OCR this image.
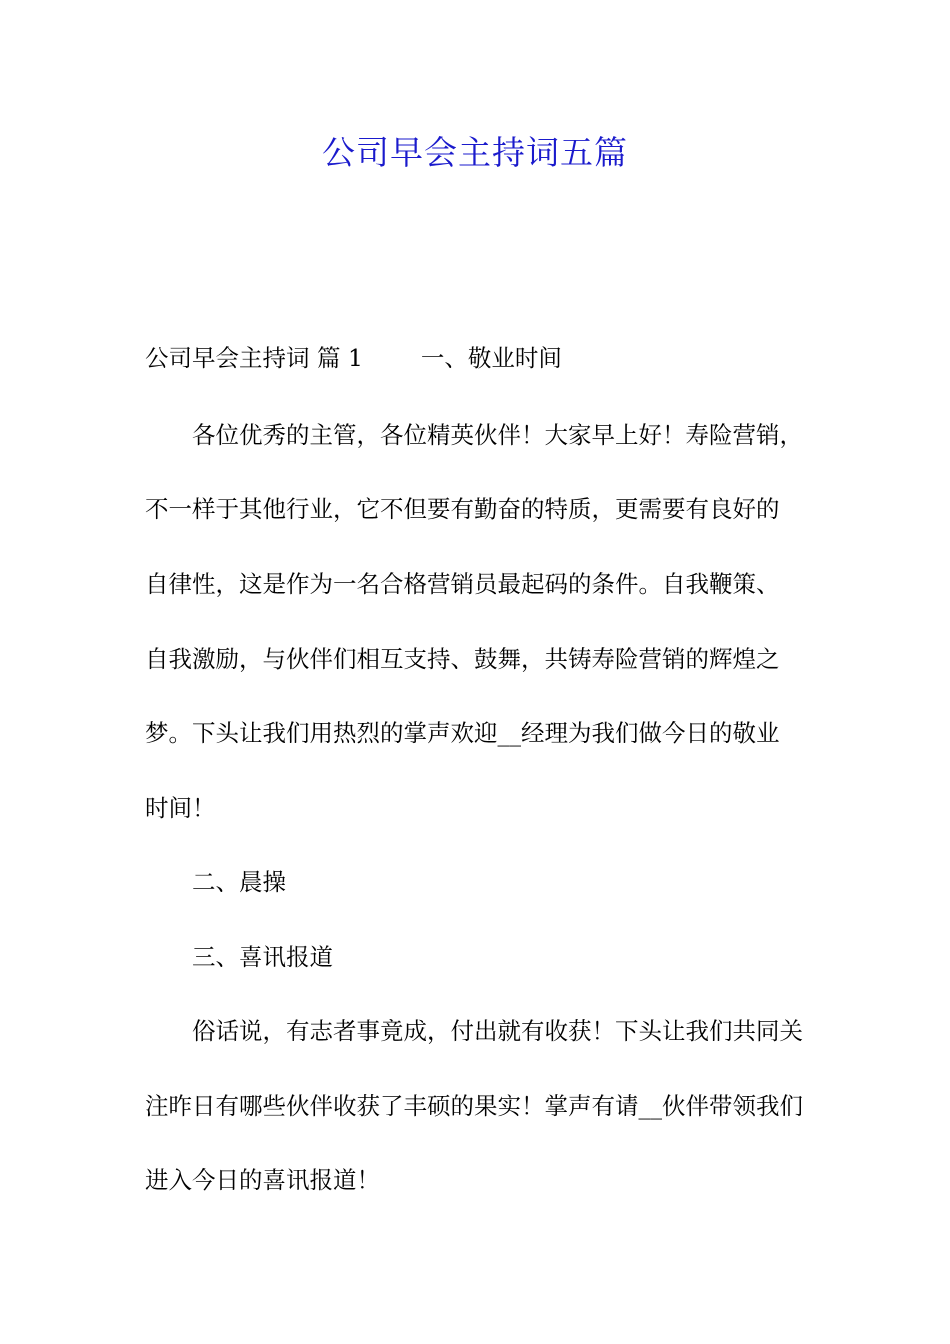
公司早会主持词五篇
公司早会主持词 篇 1 一、敬业时间
各位优秀的主管，各位精英伙伴！大家早上好！寿险营销，
不一样于其他行业，它不但要有勤奋的特质，更需要有良好的
自律性，这是作为一名合格营销员最起码的条件。自我鞭策、
自我激励，与伙伴们相互支持、鼓舞，共铸寿险营销的辉煌之
梦。下头让我们用热烈的掌声欢迎__经理为我们做今日的敬业
时间！
二、晨操
三、喜讯报道
俗话说，有志者事竟成，付出就有收获！下头让我们共同关
注昨日有哪些伙伴收获了丰硕的果实！掌声有请__伙伴带领我们
进入今日的喜讯报道！
